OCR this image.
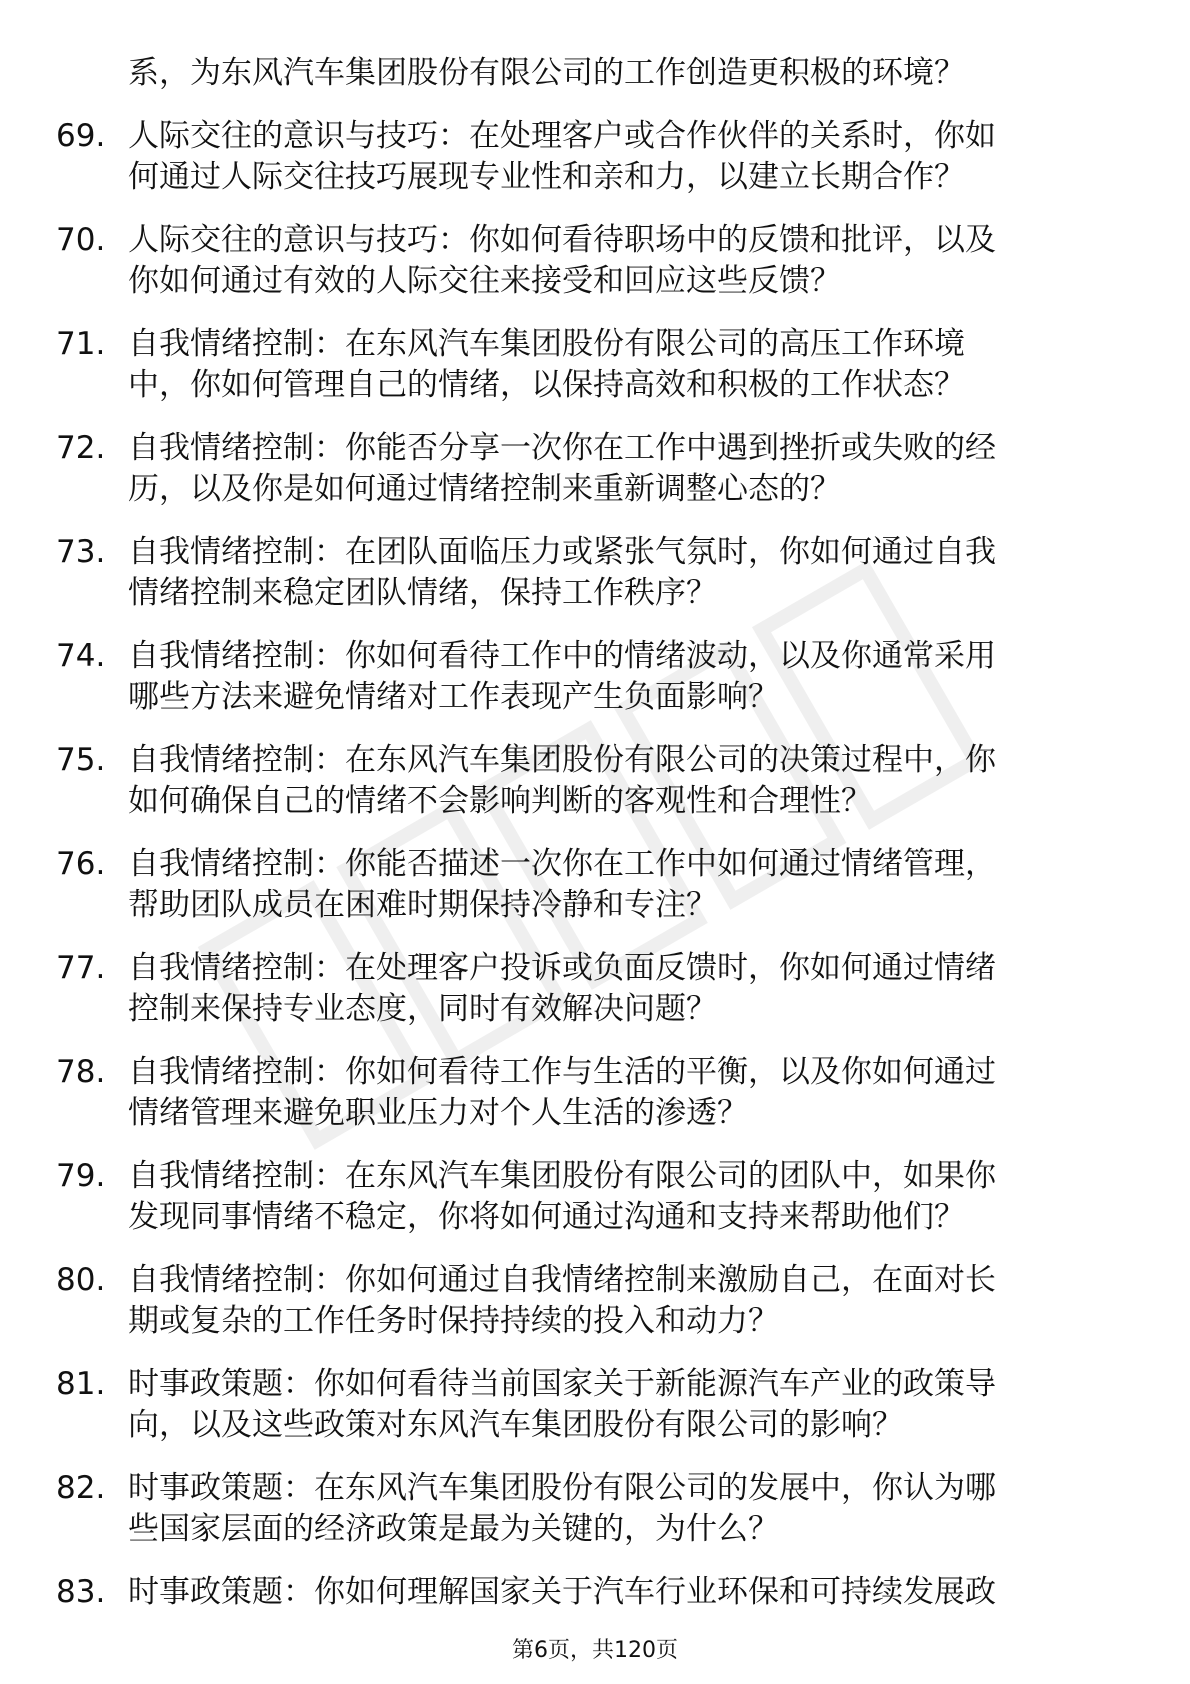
系，为东风汽车集团股份有限公司的工作创造更积极的环境？
69. 人际交往的意识与技巧：在处理客户或合作伙伴的关系时，你如
何通过人际交往技巧展现专业性和亲和力，以建立长期合作？
70. 人际交往的意识与技巧：你如何看待职场中的反馈和批评，以及
你如何通过有效的人际交往来接受和回应这些反馈？
71. 自我情绪控制：在东风汽车集团股份有限公司的高压工作环境
中，你如何管理自己的情绪，以保持高效和积极的工作状态？
72. 自我情绪控制：你能否分享一次你在工作中遇到挫折或失败的经
历，以及你是如何通过情绪控制来重新调整心态的？
73. 自我情绪控制：在团队面临压力或紧张气氛时，你如何通过自我
情绪控制来稳定团队情绪，保持工作秩序？
74. 自我情绪控制：你如何看待工作中的情绪波动，以及你通常采用
哪些方法来避免情绪对工作表现产生负面影响？
75. 自我情绪控制：在东风汽车集团股份有限公司的决策过程中，你
如何确保自己的情绪不会影响判断的客观性和合理性？
76. 自我情绪控制：你能否描述一次你在工作中如何通过情绪管理，
帮助团队成员在困难时期保持冷静和专注？
77. 自我情绪控制：在处理客户投诉或负面反馈时，你如何通过情绪
控制来保持专业态度，同时有效解决问题？
78. 自我情绪控制：你如何看待工作与生活的平衡，以及你如何通过
情绪管理来避免职业压力对个人生活的渗透？
79. 自我情绪控制：在东风汽车集团股份有限公司的团队中，如果你
发现同事情绪不稳定，你将如何通过沟通和支持来帮助他们？
80. 自我情绪控制：你如何通过自我情绪控制来激励自己，在面对长
期或复杂的工作任务时保持持续的投入和动力？
81. 时事政策题：你如何看待当前国家关于新能源汽车产业的政策导
向，以及这些政策对东风汽车集团股份有限公司的影响？
82. 时事政策题：在东风汽车集团股份有限公司的发展中，你认为哪
些国家层面的经济政策是最为关键的，为什么？
83. 时事政策题：你如何理解国家关于汽车行业环保和可持续发展政
第6页，共120页
